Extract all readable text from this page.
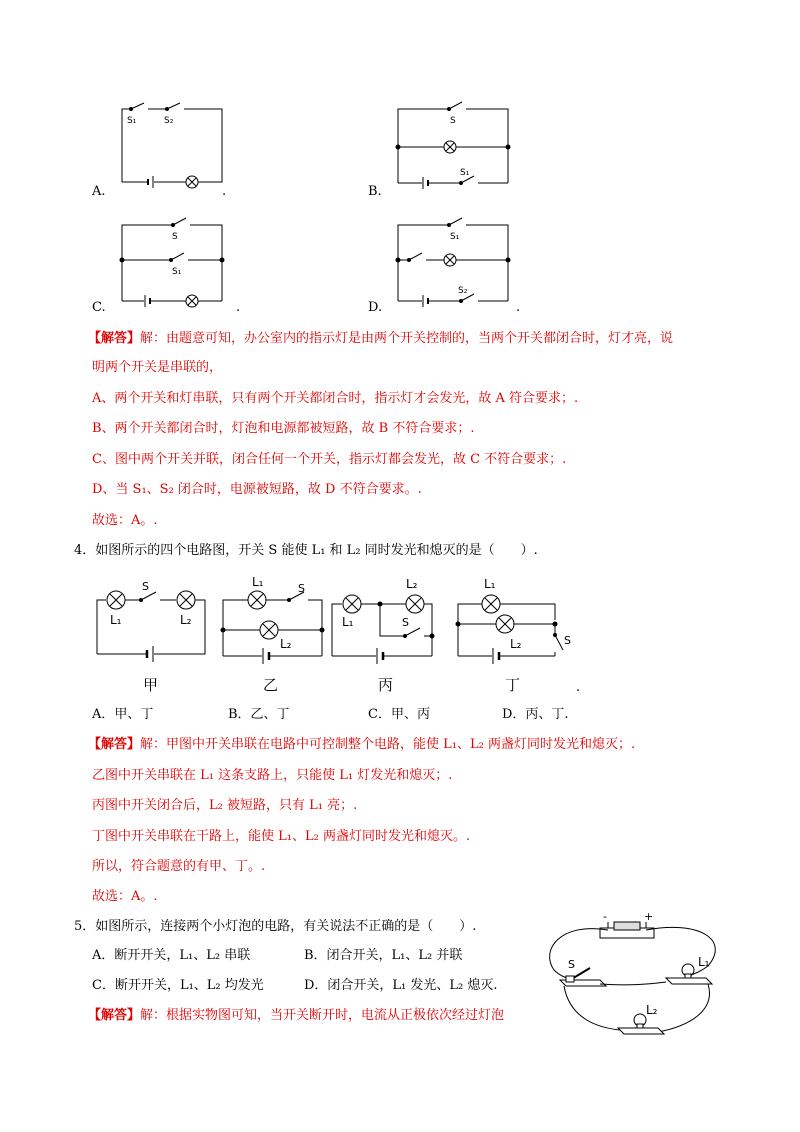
S₁	S₂	S
S₁
S
S₁
S₁
S₂
A.	.	B.
C.	.	D.	.
【解答】解：由题意可知，办公室内的指示灯是由两个开关控制的，当两个开关都闭合时，灯才亮，说
明两个开关是串联的，
A、两个开关和灯串联，只有两个开关都闭合时，指示灯才会发光，故 A 符合要求；.
B、两个开关都闭合时，灯泡和电源都被短路，故 B 不符合要求；.
C、图中两个开关并联，闭合任何一个开关，指示灯都会发光，故 C 不符合要求；.
D、当 S₁、S₂ 闭合时，电源被短路，故 D 不符合要求。.
故选：A。.
4．如图所示的四个电路图，开关 S 能使 L₁ 和 L₂ 同时发光和熄灭的是（　　）.
S
L₁	L₂
L₁	S
L₂
L₂
L₁	S
L₁
L₂	S
甲	乙	丙	丁	.
A．甲、丁	B．乙、丁	C．甲、丙	D．丙、丁.
【解答】解：甲图中开关串联在电路中可控制整个电路，能使 L₁、L₂ 两盏灯同时发光和熄灭；.
乙图中开关串联在 L₁ 这条支路上，只能使 L₁ 灯发光和熄灭；.
丙图中开关闭合后，L₂ 被短路，只有 L₁ 亮；.
丁图中开关串联在干路上，能使 L₁、L₂ 两盏灯同时发光和熄灭。.
所以，符合题意的有甲、丁。.
故选：A。.
5．如图所示，连接两个小灯泡的电路，有关说法不正确的是（　　）.
A．断开开关，L₁、L₂ 串联	B．闭合开关，L₁、L₂ 并联
C．断开开关，L₁、L₂ 均发光	D．闭合开关，L₁ 发光、L₂ 熄灭.
【解答】解：根据实物图可知，当开关断开时，电流从正极依次经过灯泡
-	+
S	L₁
L₂
